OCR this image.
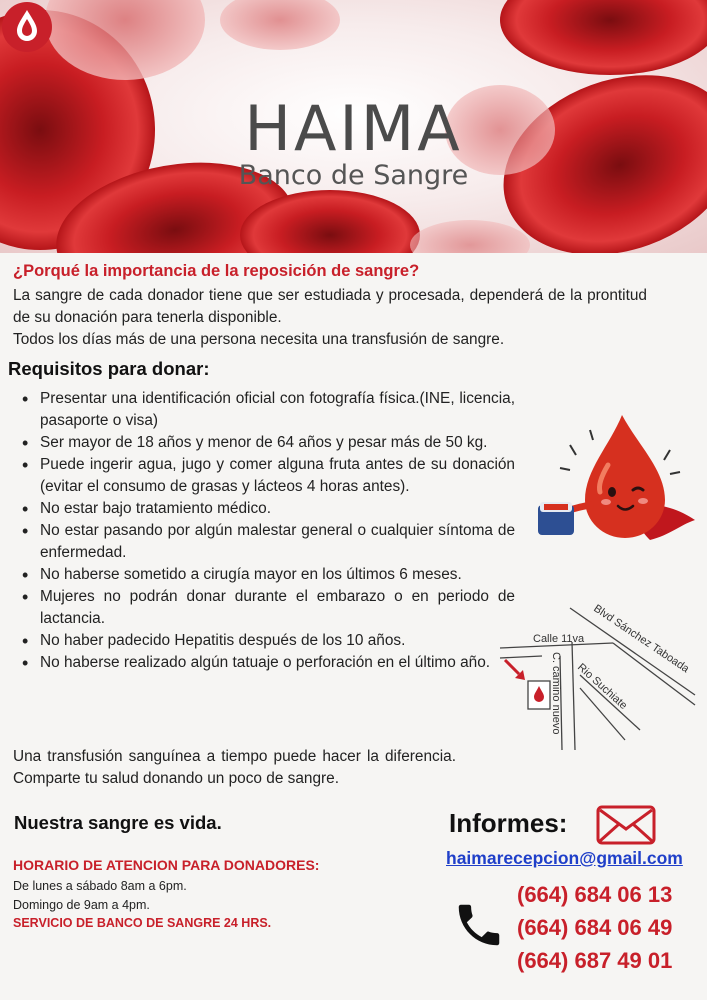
HAIMA
Banco de Sangre
¿Porqué la importancia de la reposición de sangre?

La sangre de cada donador tiene que ser estudiada y procesada, dependerá de la prontitud de su donación para tenerla disponible.

Todos los días más de una persona necesita una transfusión de sangre.

Requisitos para donar:
• Presentar una identificación oficial con fotografía física.(INE, licencia, pasaporte o visa)
• Ser mayor de 18 años y menor de 64 años y pesar más de 50 kg.
• Puede ingerir agua, jugo y comer alguna fruta antes de su donación (evitar el consumo de grasas y lácteos 4 horas antes).
• No estar bajo tratamiento médico.
• No estar pasando por algún malestar general o cualquier síntoma de enfermedad.
• No haberse sometido a cirugía mayor en los últimos 6 meses.
• Mujeres no podrán donar durante el embarazo o en periodo de lactancia.
• No haber padecido Hepatitis después de los 10 años.
• No haberse realizado algún tatuaje o perforación en el último año.
Calle 11va Blvd Sánchez Taboada
C. camino nuevo Rio Suchiate
Una transfusión sanguínea a tiempo puede hacer la diferencia. Comparte tu salud donando un poco de sangre.
Nuestra sangre es vida.
HORARIO DE ATENCION PARA DONADORES:
De lunes a sábado 8am a 6pm.
Domingo de 9am a 4pm.
SERVICIO DE BANCO DE SANGRE 24 HRS.
Informes:
haimarecepcion@gmail.com
(664) 684 06 13
(664) 684 06 49
(664) 687 49 01
